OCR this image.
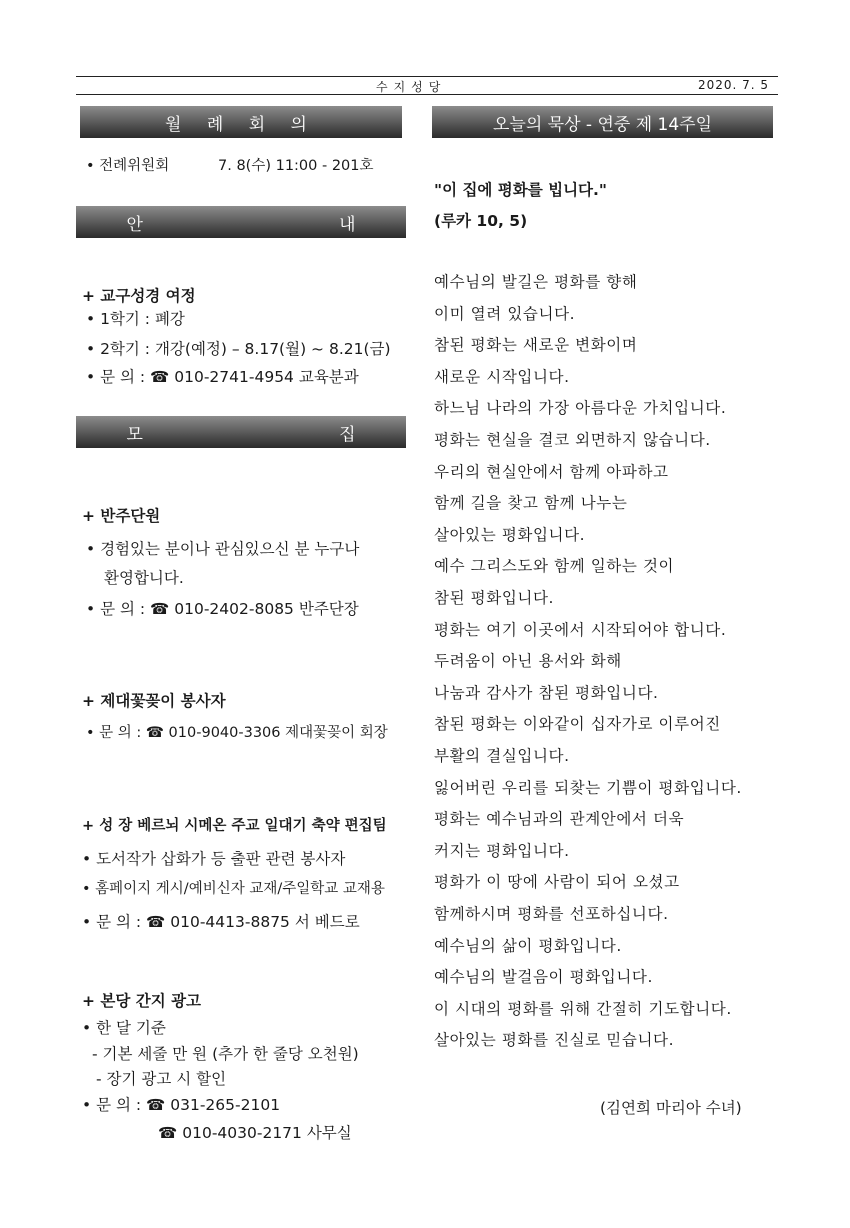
수지성당	2020. 7. 5
월 례 회 의
• 전례위원회	7. 8(수) 11:00 - 201호
안   내
+ 교구성경 여정
• 1학기 : 폐강
• 2학기 : 개강(예정) – 8.17(월) ~ 8.21(금)
• 문 의 : ☎ 010-2741-4954 교육분과
모   집
+ 반주단원
• 경험있는 분이나 관심있으신 분 누구나
환영합니다.
• 문 의 : ☎ 010-2402-8085 반주단장
+ 제대꽃꽂이 봉사자
• 문 의 : ☎ 010-9040-3306 제대꽃꽂이 회장
+ 성 장 베르뇌 시메온 주교 일대기 축약 편집팀
• 도서작가 삽화가 등 출판 관련 봉사자
• 홈페이지 게시/예비신자 교재/주일학교 교재용
• 문 의 : ☎ 010-4413-8875 서 베드로
+ 본당 간지 광고
• 한 달 기준
- 기본 세줄 만 원 (추가 한 줄당 오천원)
- 장기 광고 시 할인
• 문 의 : ☎ 031-265-2101
☎ 010-4030-2171 사무실
오늘의 묵상 - 연중 제 14주일
"이 집에 평화를 빕니다."
(루카 10, 5)
예수님의 발길은 평화를 향해
이미 열려 있습니다.
참된 평화는 새로운 변화이며
새로운 시작입니다.
하느님 나라의 가장 아름다운 가치입니다.
평화는 현실을 결코 외면하지 않습니다.
우리의 현실안에서 함께 아파하고
함께 길을 찾고 함께 나누는
살아있는 평화입니다.
예수 그리스도와 함께 일하는 것이
참된 평화입니다.
평화는 여기 이곳에서 시작되어야 합니다.
두려움이 아닌 용서와 화해
나눔과 감사가 참된 평화입니다.
참된 평화는 이와같이 십자가로 이루어진
부활의 결실입니다.
잃어버린 우리를 되찾는 기쁨이 평화입니다.
평화는 예수님과의 관계안에서 더욱
커지는 평화입니다.
평화가 이 땅에 사람이 되어 오셨고
함께하시며 평화를 선포하십니다.
예수님의 삶이 평화입니다.
예수님의 발걸음이 평화입니다.
이 시대의 평화를 위해 간절히 기도합니다.
살아있는 평화를 진실로 믿습니다.
(김연희 마리아 수녀)
